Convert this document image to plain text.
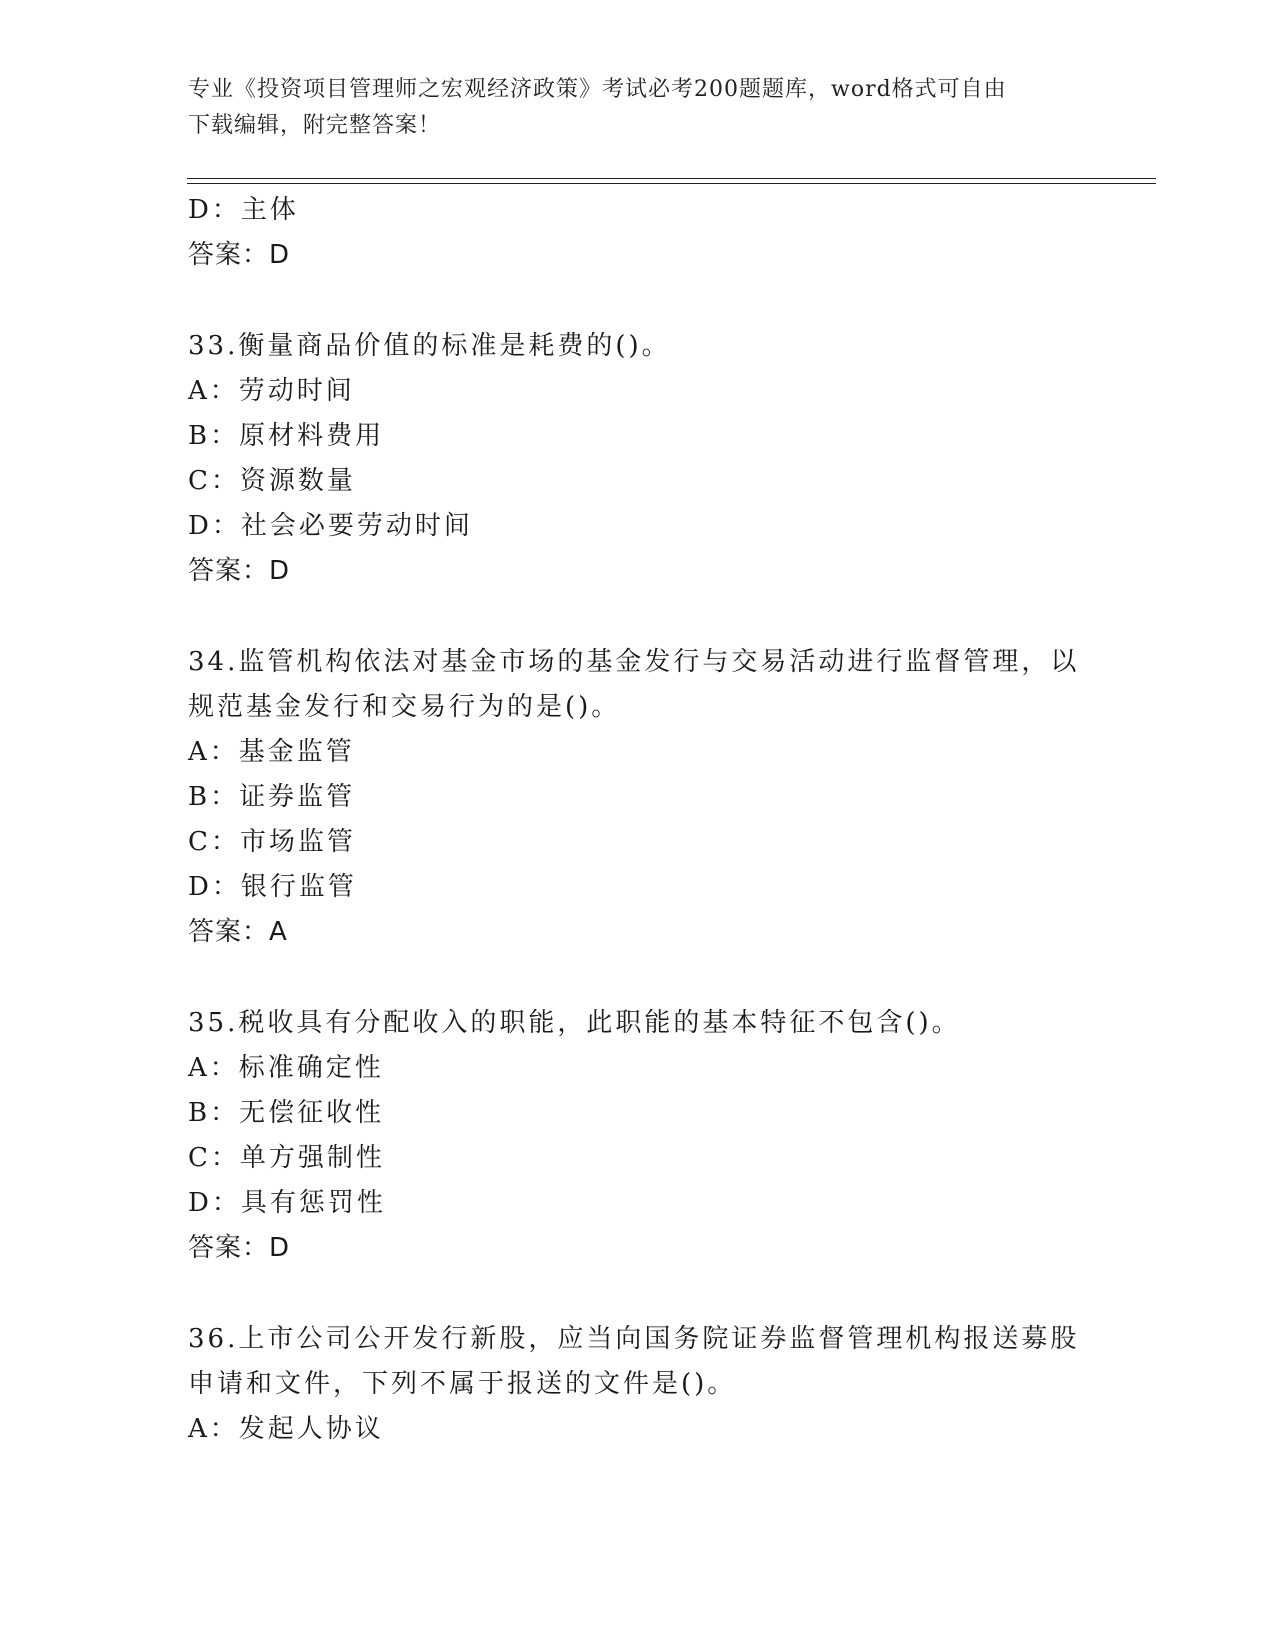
专业《投资项目管理师之宏观经济政策》考试必考200题题库，word格式可自由
下载编辑，附完整答案！
D：主体
答案：D
33.衡量商品价值的标准是耗费的()。
A：劳动时间
B：原材料费用
C：资源数量
D：社会必要劳动时间
答案：D
34.监管机构依法对基金市场的基金发行与交易活动进行监督管理，以
规范基金发行和交易行为的是()。
A：基金监管
B：证券监管
C：市场监管
D：银行监管
答案：A
35.税收具有分配收入的职能，此职能的基本特征不包含()。
A：标准确定性
B：无偿征收性
C：单方强制性
D：具有惩罚性
答案：D
36.上市公司公开发行新股，应当向国务院证券监督管理机构报送募股
申请和文件，下列不属于报送的文件是()。
A：发起人协议
